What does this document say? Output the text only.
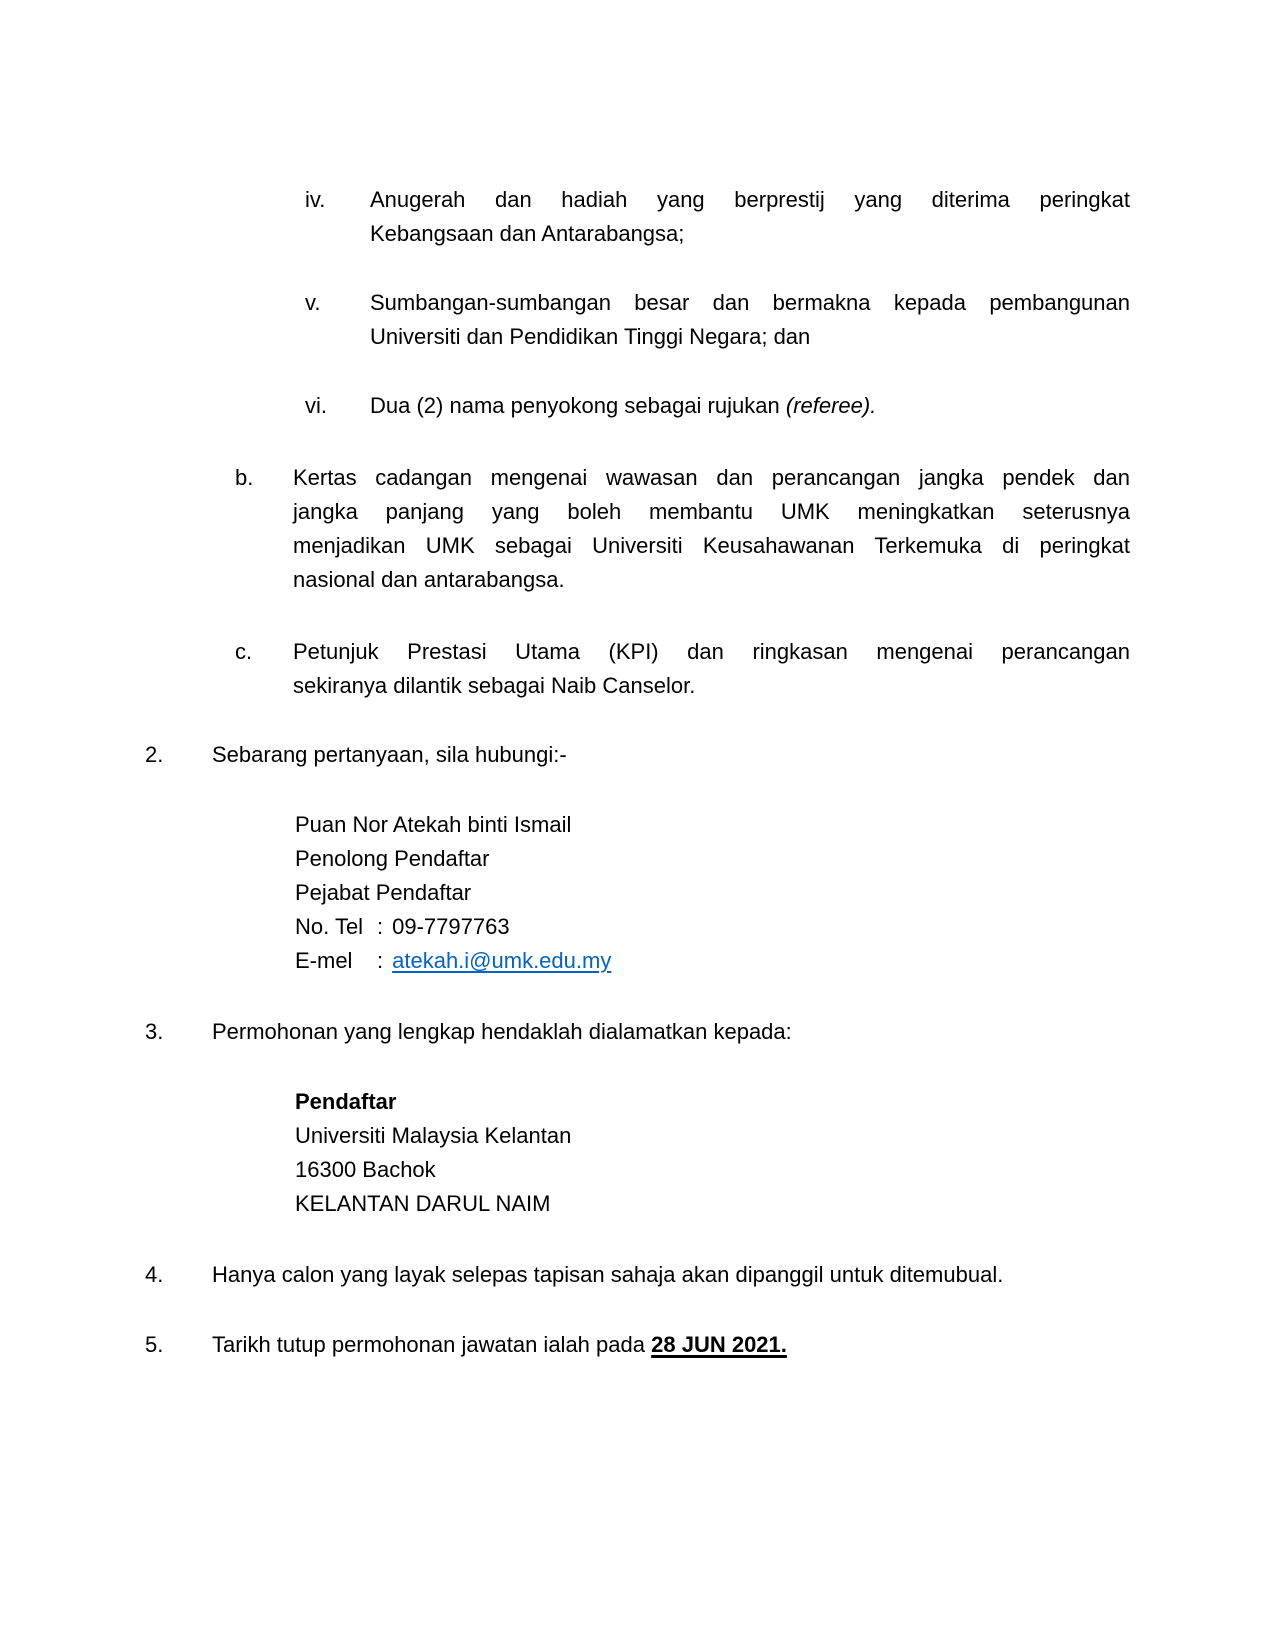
iv.	Anugerah dan hadiah yang berprestij yang diterima peringkat
Kebangsaan dan Antarabangsa;
v.	Sumbangan-sumbangan besar dan bermakna kepada pembangunan
Universiti dan Pendidikan Tinggi Negara; dan
vi.	Dua (2) nama penyokong sebagai rujukan (referee).
b.	Kertas cadangan mengenai wawasan dan perancangan jangka pendek dan
jangka panjang yang boleh membantu UMK meningkatkan seterusnya
menjadikan UMK sebagai Universiti Keusahawanan Terkemuka di peringkat
nasional dan antarabangsa.
c.	Petunjuk Prestasi Utama (KPI) dan ringkasan mengenai perancangan
sekiranya dilantik sebagai Naib Canselor.
2.	Sebarang pertanyaan, sila hubungi:-

Puan Nor Atekah binti Ismail
Penolong Pendaftar
Pejabat Pendaftar
No. Tel : 09-7797763
E-mel : atekah.i@umk.edu.my
3.	Permohonan yang lengkap hendaklah dialamatkan kepada:

Pendaftar
Universiti Malaysia Kelantan
16300 Bachok
KELANTAN DARUL NAIM
4.	Hanya calon yang layak selepas tapisan sahaja akan dipanggil untuk ditemubual.

5.	Tarikh tutup permohonan jawatan ialah pada 28 JUN 2021.
